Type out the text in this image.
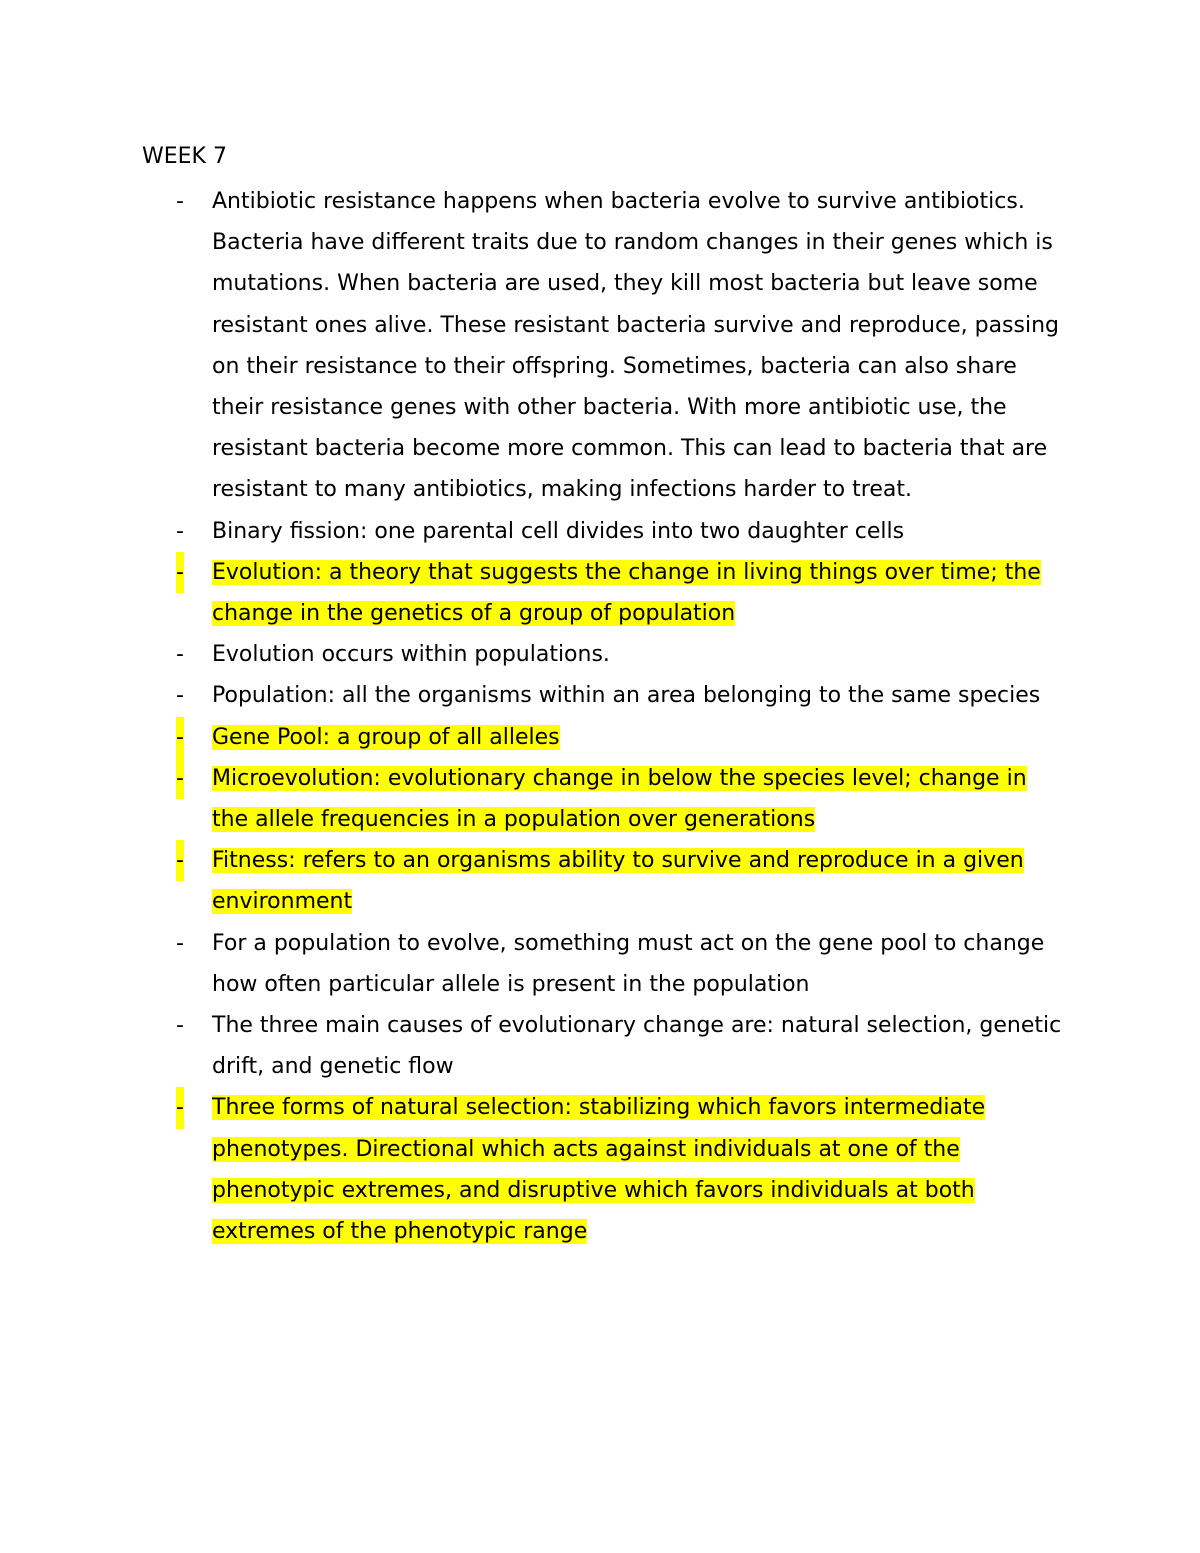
WEEK 7
- Antibiotic resistance happens when bacteria evolve to survive antibiotics. Bacteria have different traits due to random changes in their genes which is mutations. When bacteria are used, they kill most bacteria but leave some resistant ones alive. These resistant bacteria survive and reproduce, passing on their resistance to their offspring. Sometimes, bacteria can also share their resistance genes with other bacteria. With more antibiotic use, the resistant bacteria become more common. This can lead to bacteria that are resistant to many antibiotics, making infections harder to treat.
- Binary fission: one parental cell divides into two daughter cells
- Evolution: a theory that suggests the change in living things over time; the change in the genetics of a group of population
- Evolution occurs within populations.
- Population: all the organisms within an area belonging to the same species
- Gene Pool: a group of all alleles
- Microevolution: evolutionary change in below the species level; change in the allele frequencies in a population over generations
- Fitness: refers to an organisms ability to survive and reproduce in a given environment
- For a population to evolve, something must act on the gene pool to change how often particular allele is present in the population
- The three main causes of evolutionary change are: natural selection, genetic drift, and genetic flow
- Three forms of natural selection: stabilizing which favors intermediate phenotypes. Directional which acts against individuals at one of the phenotypic extremes, and disruptive which favors individuals at both extremes of the phenotypic range
